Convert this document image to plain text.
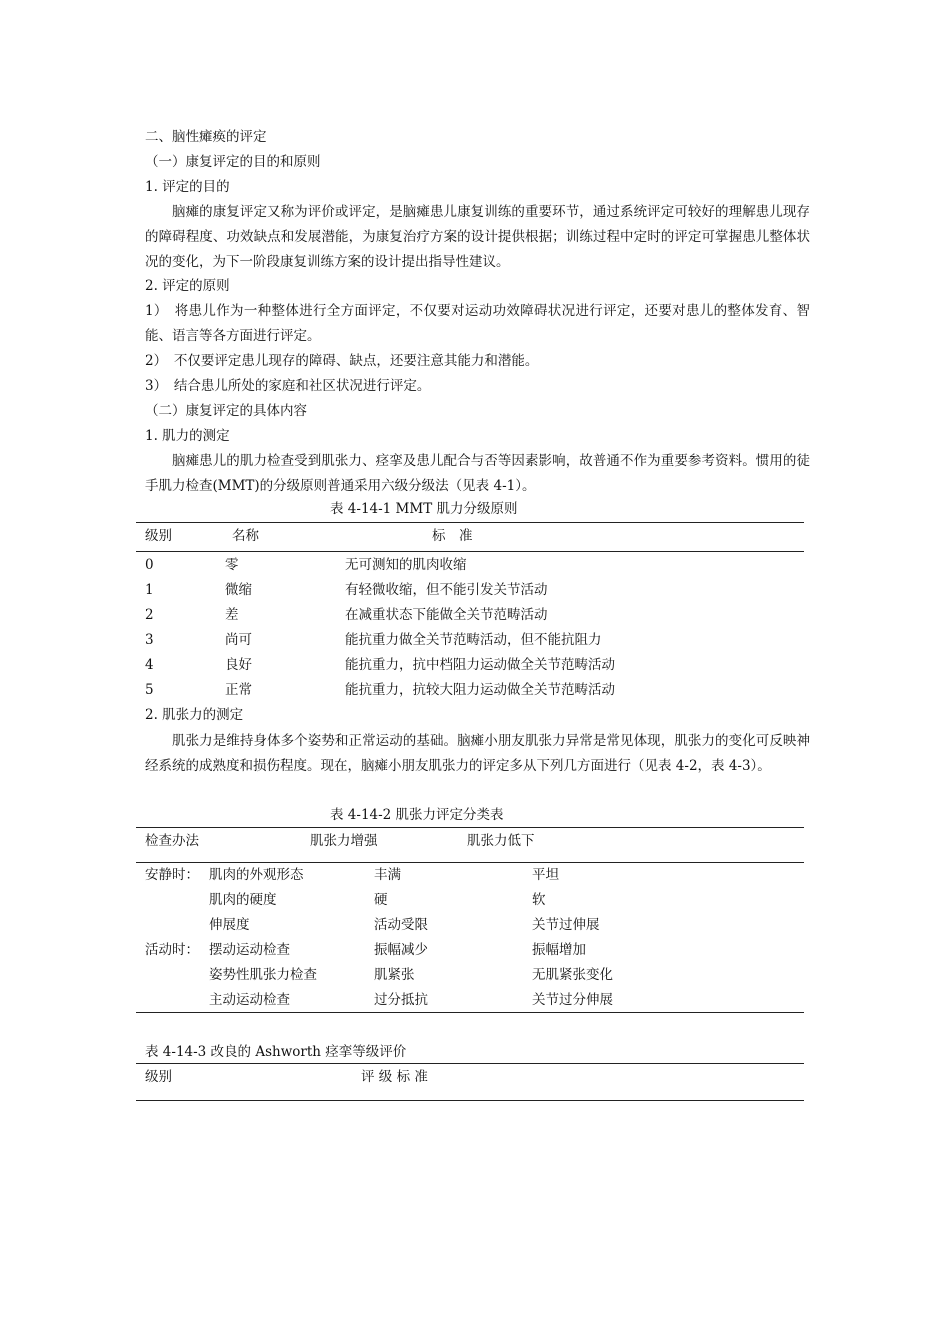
二、脑性瘫痪的评定
（一）康复评定的目的和原则
1. 评定的目的
脑瘫的康复评定又称为评价或评定，是脑瘫患儿康复训练的重要环节，通过系统评定可较好的理解患儿现存的障碍程度、功效缺点和发展潜能，为康复治疗方案的设计提供根据；训练过程中定时的评定可掌握患儿整体状况的变化，为下一阶段康复训练方案的设计提出指导性建议。
2. 评定的原则
1）　将患儿作为一种整体进行全方面评定，不仅要对运动功效障碍状况进行评定，还要对患儿的整体发育、智能、语言等各方面进行评定。
2）　不仅要评定患儿现存的障碍、缺点，还要注意其能力和潜能。
3）　结合患儿所处的家庭和社区状况进行评定。
（二）康复评定的具体内容
1. 肌力的测定
脑瘫患儿的肌力检查受到肌张力、痉挛及患儿配合与否等因素影响，故普通不作为重要参考资料。惯用的徒手肌力检查(MMT)的分级原则普通采用六级分级法（见表 4-1）。
表 4-14-1 MMT 肌力分级原则
级别	名称	标　准
0	零	无可测知的肌肉收缩
1	微缩	有轻微收缩，但不能引发关节活动
2	差	在减重状态下能做全关节范畴活动
3	尚可	能抗重力做全关节范畴活动，但不能抗阻力
4	良好	能抗重力，抗中档阻力运动做全关节范畴活动
5	正常	能抗重力，抗较大阻力运动做全关节范畴活动
2. 肌张力的测定
肌张力是维持身体多个姿势和正常运动的基础。脑瘫小朋友肌张力异常是常见体现，肌张力的变化可反映神经系统的成熟度和损伤程度。现在，脑瘫小朋友肌张力的评定多从下列几方面进行（见表 4-2，表 4-3）。
表 4-14-2 肌张力评定分类表
检查办法	肌张力增强	肌张力低下
安静时： 肌肉的外观形态	丰满	平坦
肌肉的硬度	硬	软
伸展度	活动受限	关节过伸展
活动时： 摆动运动检查	振幅减少	振幅增加
姿势性肌张力检查	肌紧张	无肌紧张变化
主动运动检查	过分抵抗	关节过分伸展
表 4-14-3 改良的 Ashworth 痉挛等级评价
级别	评 级 标 准
